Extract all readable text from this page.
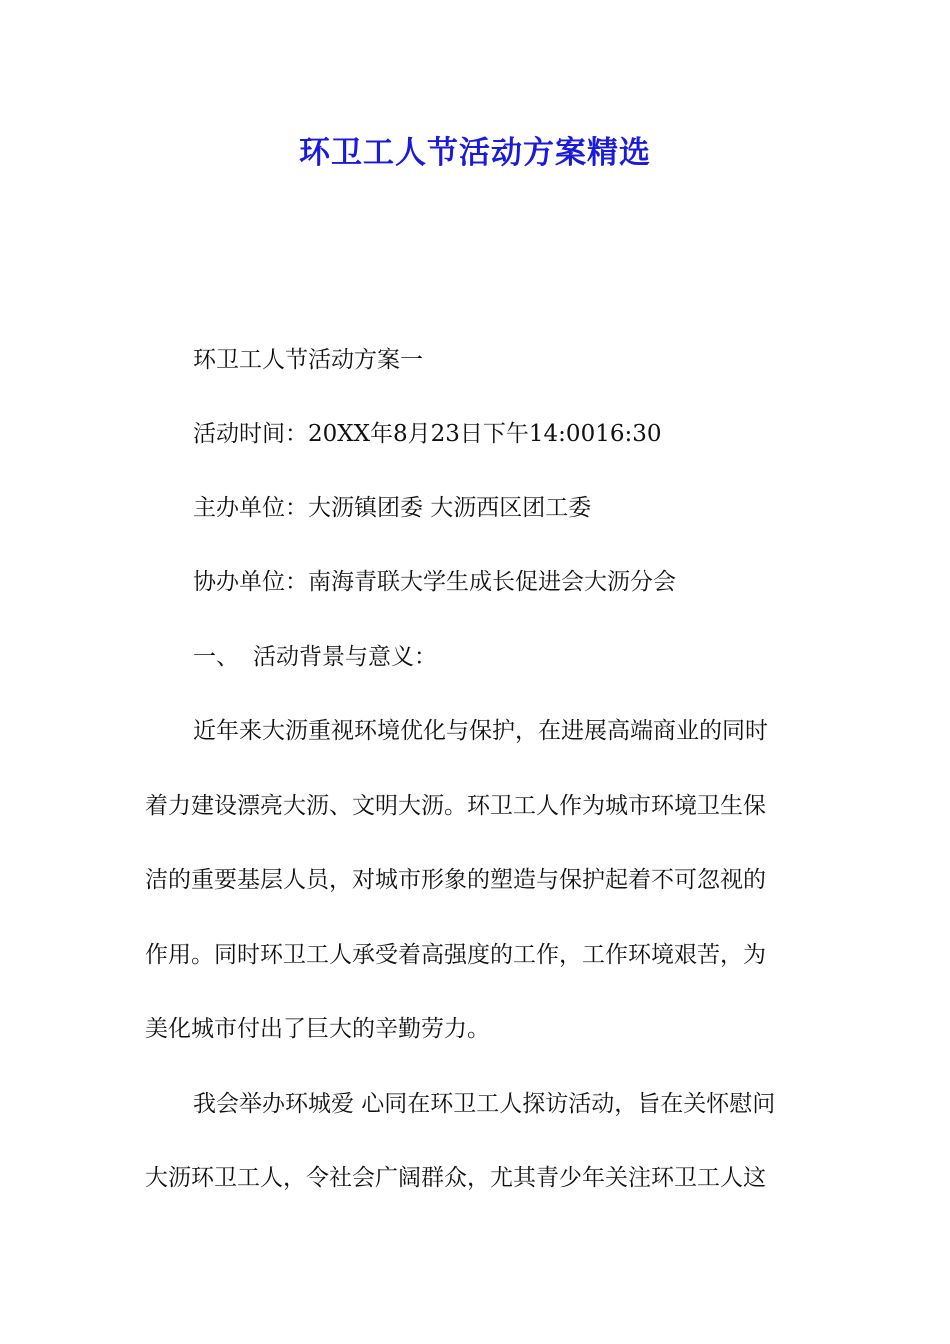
环卫工人节活动方案精选
环卫工人节活动方案一
活动时间：20XX年8月23日下午14:0016:30
主办单位：大沥镇团委 大沥西区团工委
协办单位：南海青联大学生成长促进会大沥分会
一、 活动背景与意义：
近年来大沥重视环境优化与保护，在进展高端商业的同时
着力建设漂亮大沥、文明大沥。环卫工人作为城市环境卫生保
洁的重要基层人员，对城市形象的塑造与保护起着不可忽视的
作用。同时环卫工人承受着高强度的工作，工作环境艰苦，为
美化城市付出了巨大的辛勤劳力。
我会举办环城爱 心同在环卫工人探访活动，旨在关怀慰问
大沥环卫工人，令社会广阔群众，尤其青少年关注环卫工人这
